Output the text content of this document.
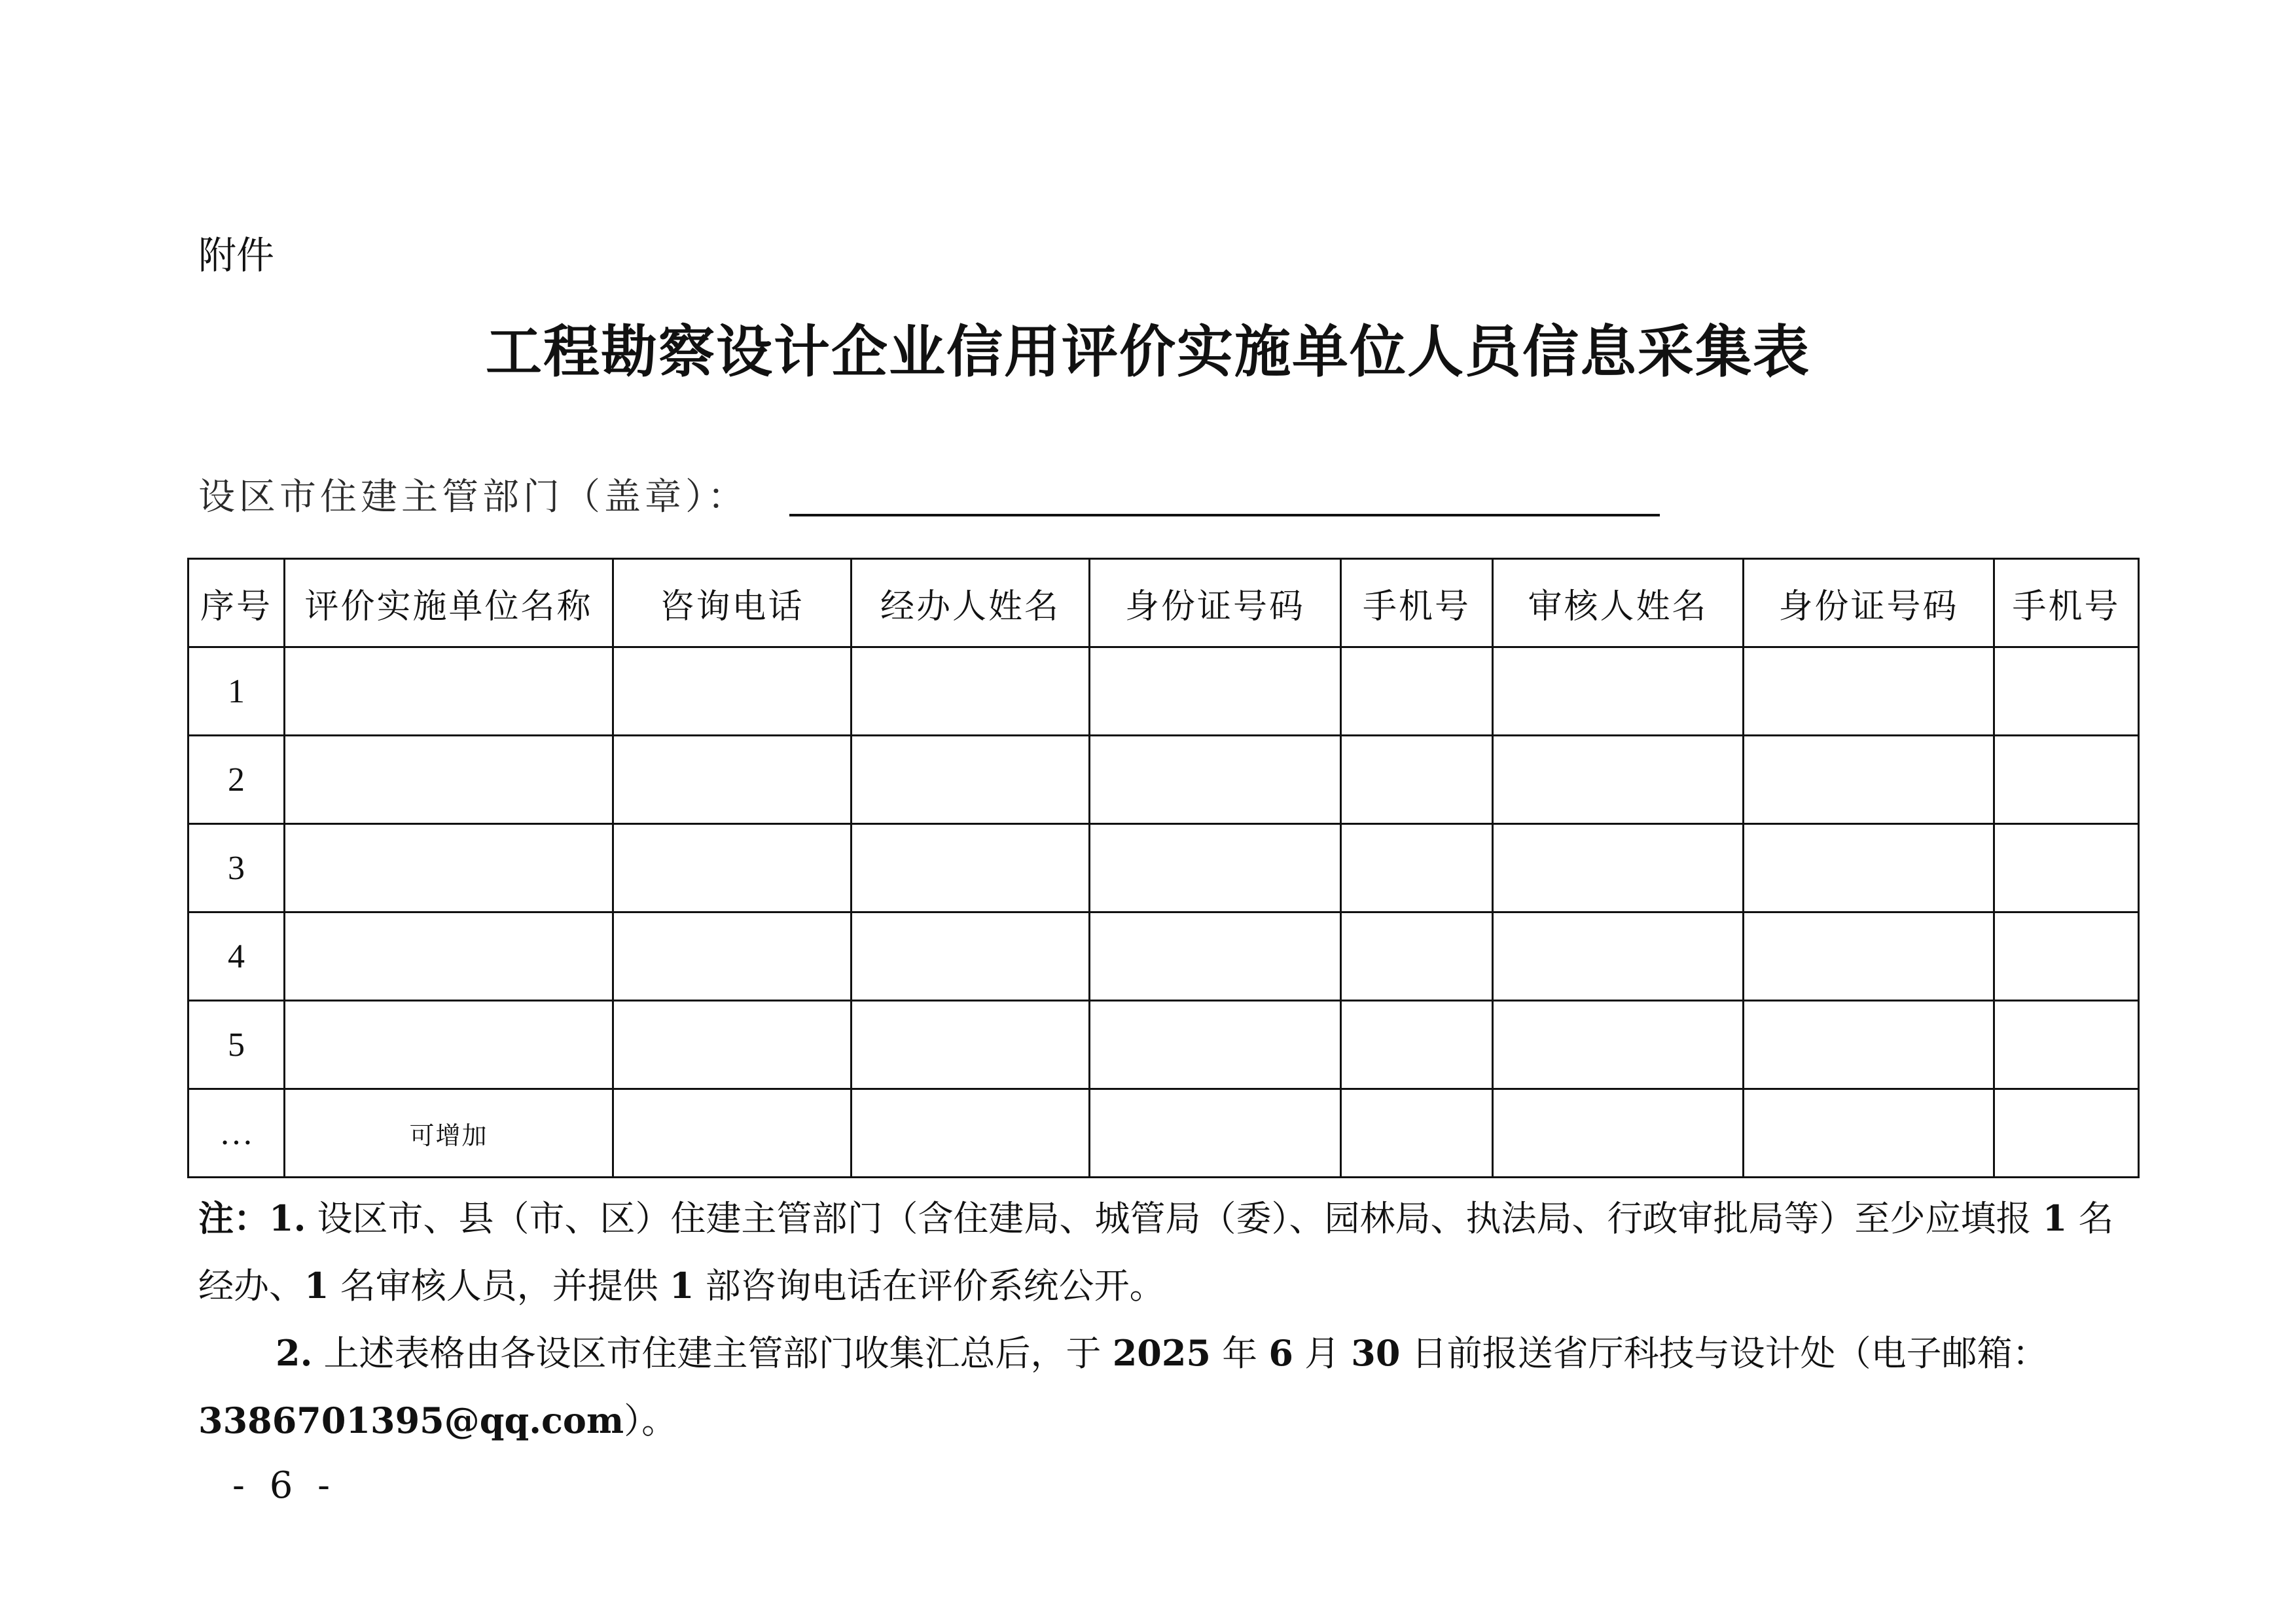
附件
工程勘察设计企业信用评价实施单位人员信息采集表
设区市住建主管部门（盖章）：
序号	评价实施单位名称	咨询电话	经办人姓名	身份证号码	手机号	审核人姓名	身份证号码	手机号
1								
2								
3								
4								
5								
…	可增加							

注：1. 设区市、县（市、区）住建主管部门（含住建局、城管局（委）、园林局、执法局、行政审批局等）至少应填报 1 名经办、1 名审核人员，并提供 1 部咨询电话在评价系统公开。

2. 上述表格由各设区市住建主管部门收集汇总后，于 2025 年 6 月 30 日前报送省厅科技与设计处（电子邮箱：3386701395@qq.com）。

- 6 -
